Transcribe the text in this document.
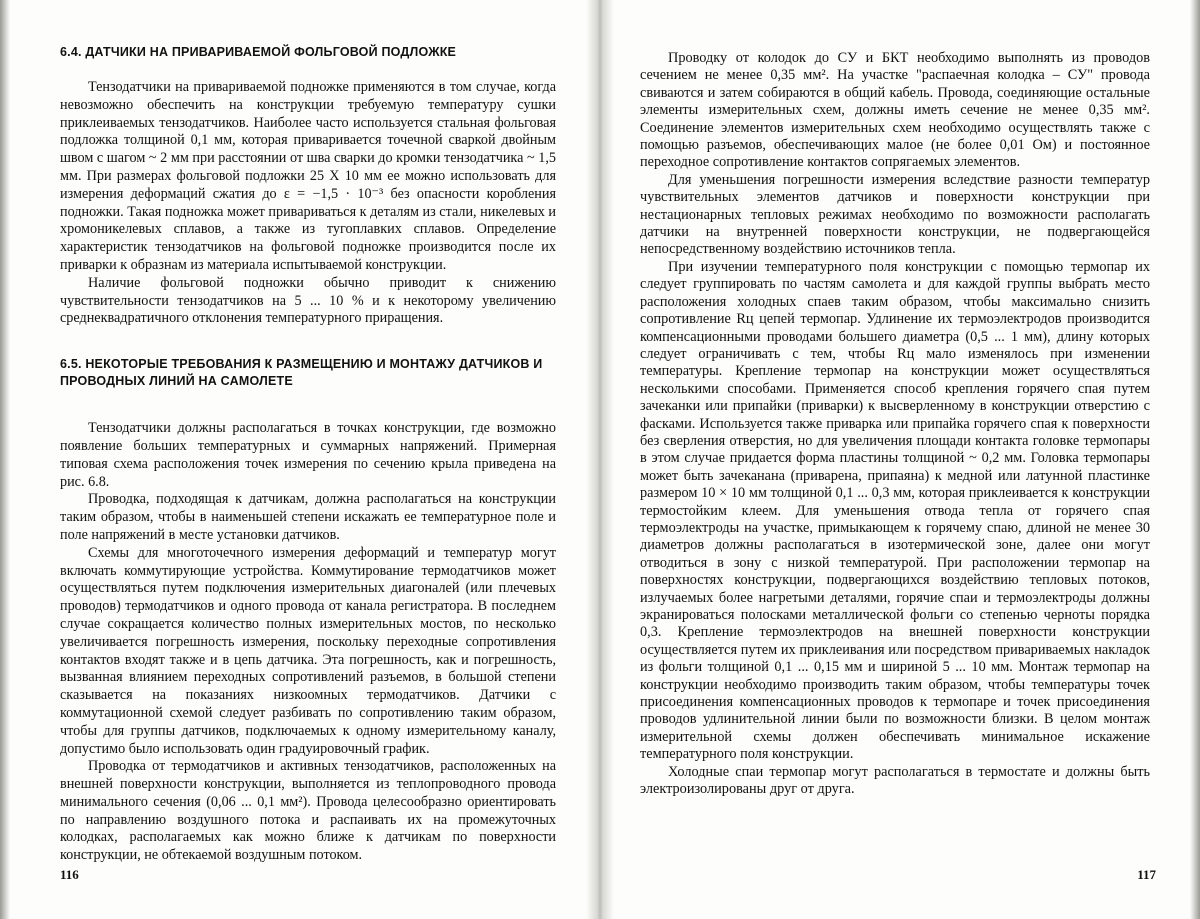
6.4. ДАТЧИКИ НА ПРИВАРИВАЕМОЙ ФОЛЬГОВОЙ ПОДЛОЖКЕ

Тензодатчики на привариваемой подножке применяются в том случае, когда невозможно обеспечить на конструкции требуемую температуру сушки приклеиваемых тензодатчиков. Наиболее часто используется стальная фольговая подложка толщиной 0,1 мм, которая приваривается точечной сваркой двойным швом с шагом ~ 2 мм при расстоянии от шва сварки до кромки тензодатчика ~ 1,5 мм. При размерах фольговой подложки 25 X 10 мм ее можно использовать для измерения деформаций сжатия до ε = −1,5 · 10⁻³ без опасности коробления подножки. Такая подножка может привариваться к деталям из стали, никелевых и хромоникелевых сплавов, а также из тугоплавких сплавов. Определение характеристик тензодатчиков на фольговой подножке производится после их приварки к образнам из материала испытываемой конструкции.

Наличие фольговой подножки обычно приводит к снижению чувствительности тензодатчиков на 5 ... 10 % и к некоторому увеличению среднеквадратичного отклонения температурного приращения.

6.5. НЕКОТОРЫЕ ТРЕБОВАНИЯ К РАЗМЕЩЕНИЮ И МОНТАЖУ ДАТЧИКОВ И ПРОВОДНЫХ ЛИНИЙ НА САМОЛЕТЕ

Тензодатчики должны располагаться в точках конструкции, где возможно появление больших температурных и суммарных напряжений. Примерная типовая схема расположения точек измерения по сечению крыла приведена на рис. 6.8.

Проводка, подходящая к датчикам, должна располагаться на конструкции таким образом, чтобы в наименьшей степени искажать ее температурное поле и поле напряжений в месте установки датчиков.

Схемы для многоточечного измерения деформаций и температур могут включать коммутирующие устройства. Коммутирование термодатчиков может осуществляться путем подключения измерительных диагоналей (или плечевых проводов) термодатчиков и одного провода от канала регистратора. В последнем случае сокращается количество полных измерительных мостов, по несколько увеличивается погрешность измерения, поскольку переходные сопротивления контактов входят также и в цепь датчика. Эта погрешность, как и погрешность, вызванная влиянием переходных сопротивлений разъемов, в большой степени сказывается на показаниях низкоомных термодатчиков. Датчики с коммутационной схемой следует разбивать по сопротивлению таким образом, чтобы для группы датчиков, подключаемых к одному измерительному каналу, допустимо было использовать один градуировочный график.

Проводка от термодатчиков и активных тензодатчиков, расположенных на внешней поверхности конструкции, выполняется из теплопроводного провода минимального сечения (0,06 ... 0,1 мм²). Провода целесообразно ориентировать по направлению воздушного потока и распаивать их на промежуточных колодках, располагаемых как можно ближе к датчикам по поверхности конструкции, не обтекаемой воздушным потоком.

116

Проводку от колодок до СУ и БКТ необходимо выполнять из проводов сечением не менее 0,35 мм². На участке "распаечная колодка – СУ" провода свиваются и затем собираются в общий кабель. Провода, соединяющие остальные элементы измерительных схем, должны иметь сечение не менее 0,35 мм². Соединение элементов измерительных схем необходимо осуществлять также с помощью разъемов, обеспечивающих малое (не более 0,01 Ом) и постоянное переходное сопротивление контактов сопрягаемых элементов.

Для уменьшения погрешности измерения вследствие разности температур чувствительных элементов датчиков и поверхности конструкции при нестационарных тепловых режимах необходимо по возможности располагать датчики на внутренней поверхности конструкции, не подвергающейся непосредственному воздействию источников тепла.

При изучении температурного поля конструкции с помощью термопар их следует группировать по частям самолета и для каждой группы выбрать место расположения холодных спаев таким образом, чтобы максимально снизить сопротивление Rц цепей термопар. Удлинение их термоэлектродов производится компенсационными проводами большего диаметра (0,5 ... 1 мм), длину которых следует ограничивать с тем, чтобы Rц мало изменялось при изменении температуры. Крепление термопар на конструкции может осуществляться несколькими способами. Применяется способ крепления горячего спая путем зачеканки или припайки (приварки) к высверленному в конструкции отверстию с фасками. Используется также приварка или припайка горячего спая к поверхности без сверления отверстия, но для увеличения площади контакта головке термопары в этом случае придается форма пластины толщиной ~ 0,2 мм. Головка термопары может быть зачеканана (приварена, припаяна) к медной или латунной пластинке размером 10 × 10 мм толщиной 0,1 ... 0,3 мм, которая приклеивается к конструкции термостойким клеем. Для уменьшения отвода тепла от горячего спая термоэлектроды на участке, примыкающем к горячему спаю, длиной не менее 30 диаметров должны располагаться в изотермической зоне, далее они могут отводиться в зону с низкой температурой. При расположении термопар на поверхностях конструкции, подвергающихся воздействию тепловых потоков, излучаемых более нагретыми деталями, горячие спаи и термоэлектроды должны экранироваться полосками металлической фольги со степенью черноты порядка 0,3. Крепление термоэлектродов на внешней поверхности конструкции осуществляется путем их приклеивания или посредством привариваемых накладок из фольги толщиной 0,1 ... 0,15 мм и шириной 5 ... 10 мм. Монтаж термопар на конструкции необходимо производить таким образом, чтобы температуры точек присоединения компенсационных проводов к термопаре и точек присоединения проводов удлинительной линии были по возможности близки. В целом монтаж измерительной схемы должен обеспечивать минимальное искажение температурного поля конструкции.

Холодные спаи термопар могут располагаться в термостате и должны быть электроизолированы друг от друга.

117
